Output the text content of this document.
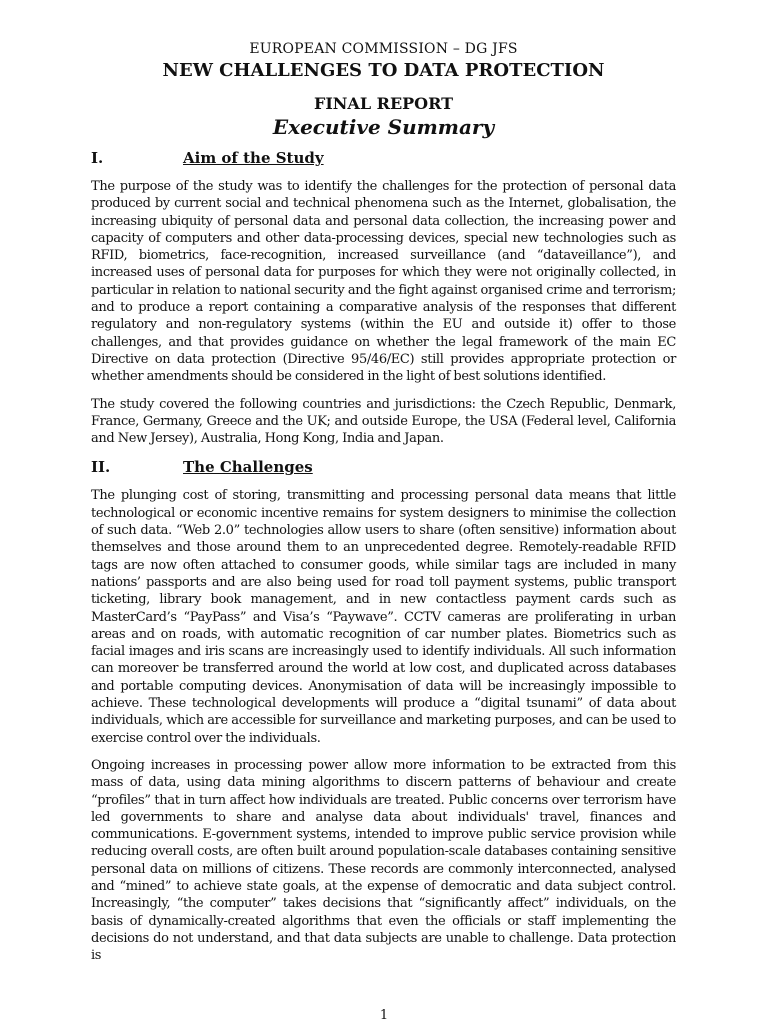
EUROPEAN COMMISSION – DG JFS

NEW CHALLENGES TO DATA PROTECTION
FINAL REPORT
Executive Summary
I.	Aim of the Study

The purpose of the study was to identify the challenges for the protection of personal data produced by current social and technical phenomena such as the Internet, globalisation, the increasing ubiquity of personal data and personal data collection, the increasing power and capacity of computers and other data-processing devices, special new technologies such as RFID, biometrics, face-recognition, increased surveillance (and “dataveillance”), and increased uses of personal data for purposes for which they were not originally collected, in particular in relation to national security and the fight against organised crime and terrorism; and to produce a report containing a comparative analysis of the responses that different regulatory and non-regulatory systems (within the EU and outside it) offer to those challenges, and that provides guidance on whether the legal framework of the main EC Directive on data protection (Directive 95/46/EC) still provides appropriate protection or whether amendments should be considered in the light of best solutions identified.

The study covered the following countries and jurisdictions: the Czech Republic, Denmark, France, Germany, Greece and the UK; and outside Europe, the USA (Federal level, California and New Jersey), Australia, Hong Kong, India and Japan.

II.	The Challenges

The plunging cost of storing, transmitting and processing personal data means that little technological or economic incentive remains for system designers to minimise the collection of such data. “Web 2.0” technologies allow users to share (often sensitive) information about themselves and those around them to an unprecedented degree. Remotely-readable RFID tags are now often attached to consumer goods, while similar tags are included in many nations’ passports and are also being used for road toll payment systems, public transport ticketing, library book management, and in new contactless payment cards such as MasterCard’s “PayPass” and Visa’s “Paywave”. CCTV cameras are proliferating in urban areas and on roads, with automatic recognition of car number plates. Biometrics such as facial images and iris scans are increasingly used to identify individuals. All such information can moreover be transferred around the world at low cost, and duplicated across databases and portable computing devices. Anonymisation of data will be increasingly impossible to achieve. These technological developments will produce a “digital tsunami” of data about individuals, which are accessible for surveillance and marketing purposes, and can be used to exercise control over the individuals.

Ongoing increases in processing power allow more information to be extracted from this mass of data, using data mining algorithms to discern patterns of behaviour and create “profiles” that in turn affect how individuals are treated. Public concerns over terrorism have led governments to share and analyse data about individuals' travel, finances and communications. E-government systems, intended to improve public service provision while reducing overall costs, are often built around population-scale databases containing sensitive personal data on millions of citizens. These records are commonly interconnected, analysed and “mined” to achieve state goals, at the expense of democratic and data subject control. Increasingly, “the computer” takes decisions that “significantly affect” individuals, on the basis of dynamically-created algorithms that even the officials or staff implementing the decisions do not understand, and that data subjects are unable to challenge. Data protection is

1
